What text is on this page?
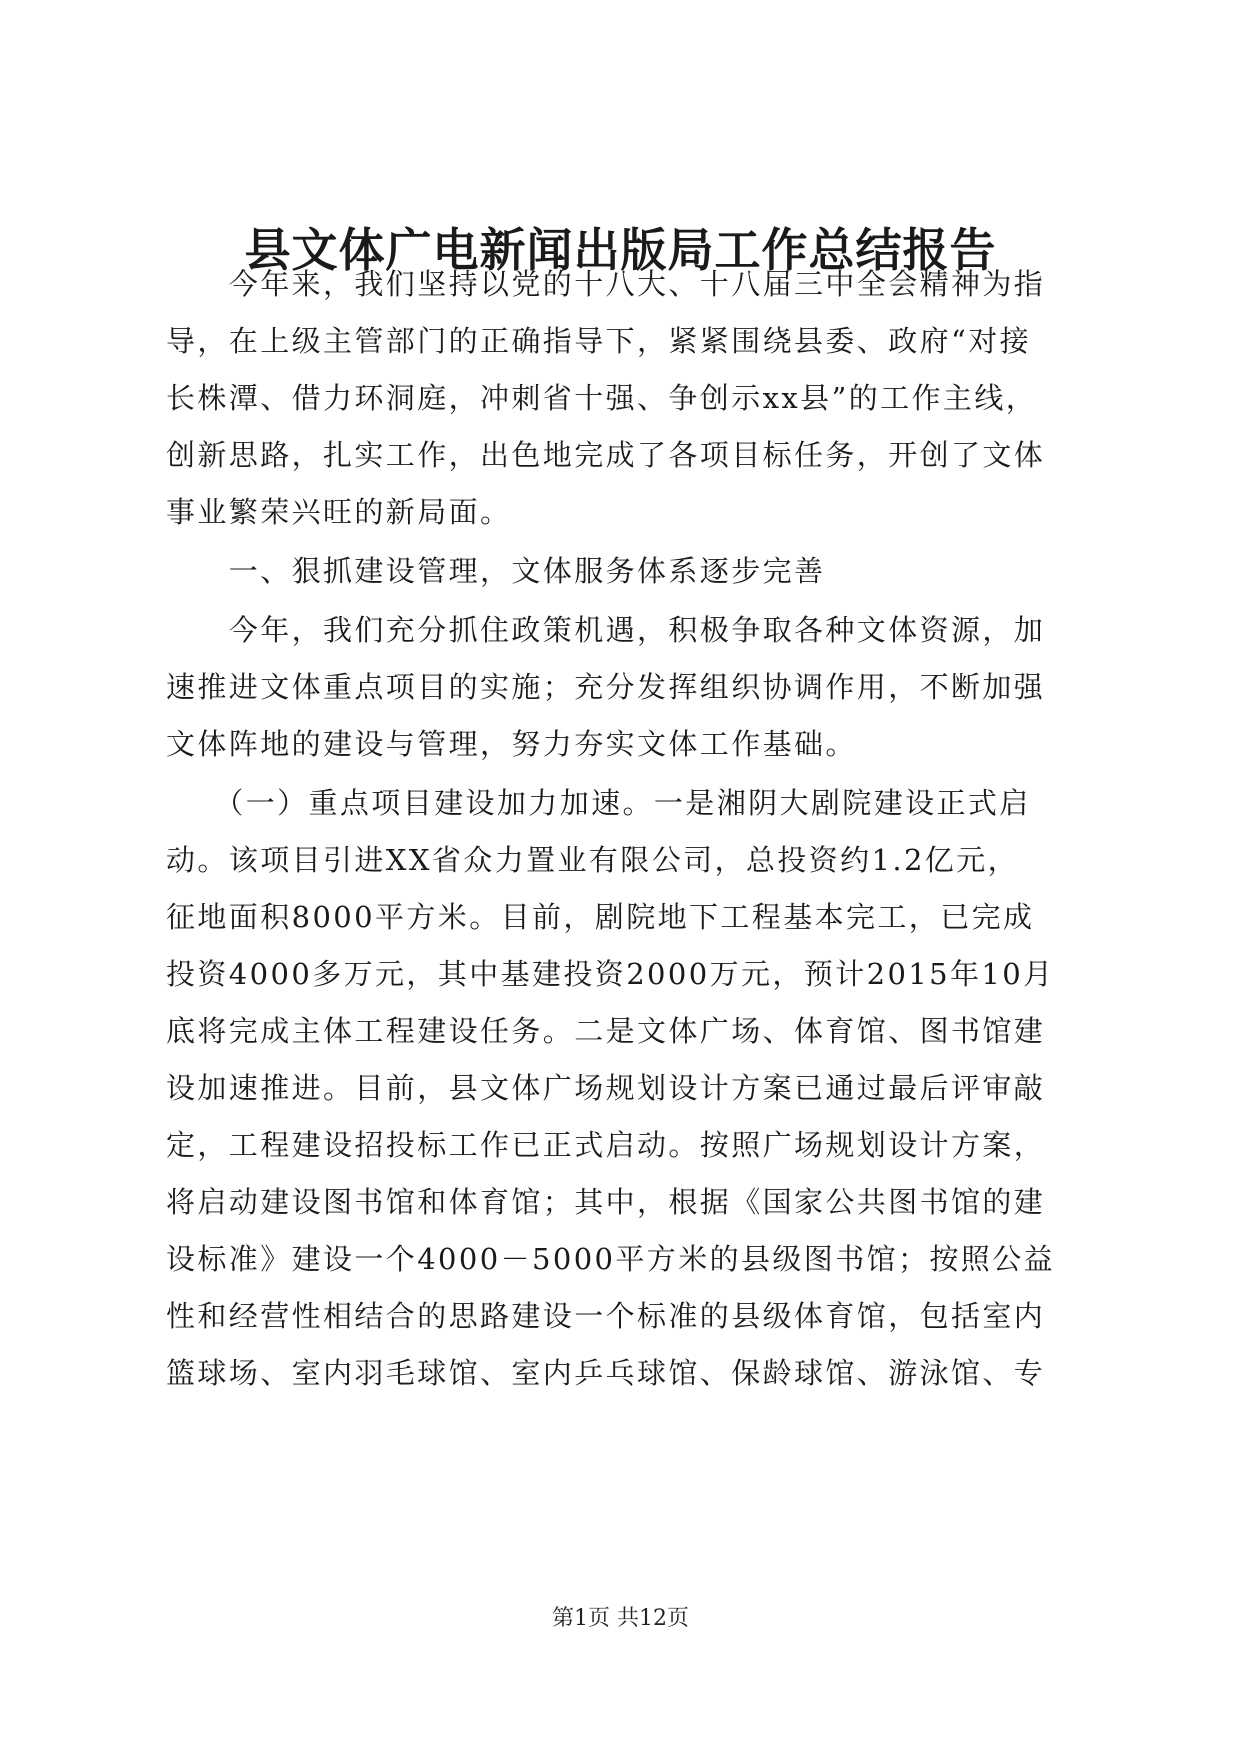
县文体广电新闻出版局工作总结报告
　　今年来，我们坚持以党的十八大、十八届三中全会精神为指
导，在上级主管部门的正确指导下，紧紧围绕县委、政府“对接
长株潭、借力环洞庭，冲刺省十强、争创示xx县”的工作主线，
创新思路，扎实工作，出色地完成了各项目标任务，开创了文体
事业繁荣兴旺的新局面。
　　一、狠抓建设管理，文体服务体系逐步完善
　　今年，我们充分抓住政策机遇，积极争取各种文体资源，加
速推进文体重点项目的实施；充分发挥组织协调作用，不断加强
文体阵地的建设与管理，努力夯实文体工作基础。
　　（一）重点项目建设加力加速。一是湘阴大剧院建设正式启
动。该项目引进XX省众力置业有限公司，总投资约1.2亿元，
征地面积8000平方米。目前，剧院地下工程基本完工，已完成
投资4000多万元，其中基建投资2000万元，预计2015年10月
底将完成主体工程建设任务。二是文体广场、体育馆、图书馆建
设加速推进。目前，县文体广场规划设计方案已通过最后评审敲
定，工程建设招投标工作已正式启动。按照广场规划设计方案，
将启动建设图书馆和体育馆；其中，根据《国家公共图书馆的建
设标准》建设一个4000－5000平方米的县级图书馆；按照公益
性和经营性相结合的思路建设一个标准的县级体育馆，包括室内
篮球场、室内羽毛球馆、室内乒乓球馆、保龄球馆、游泳馆、专
第1页 共12页
